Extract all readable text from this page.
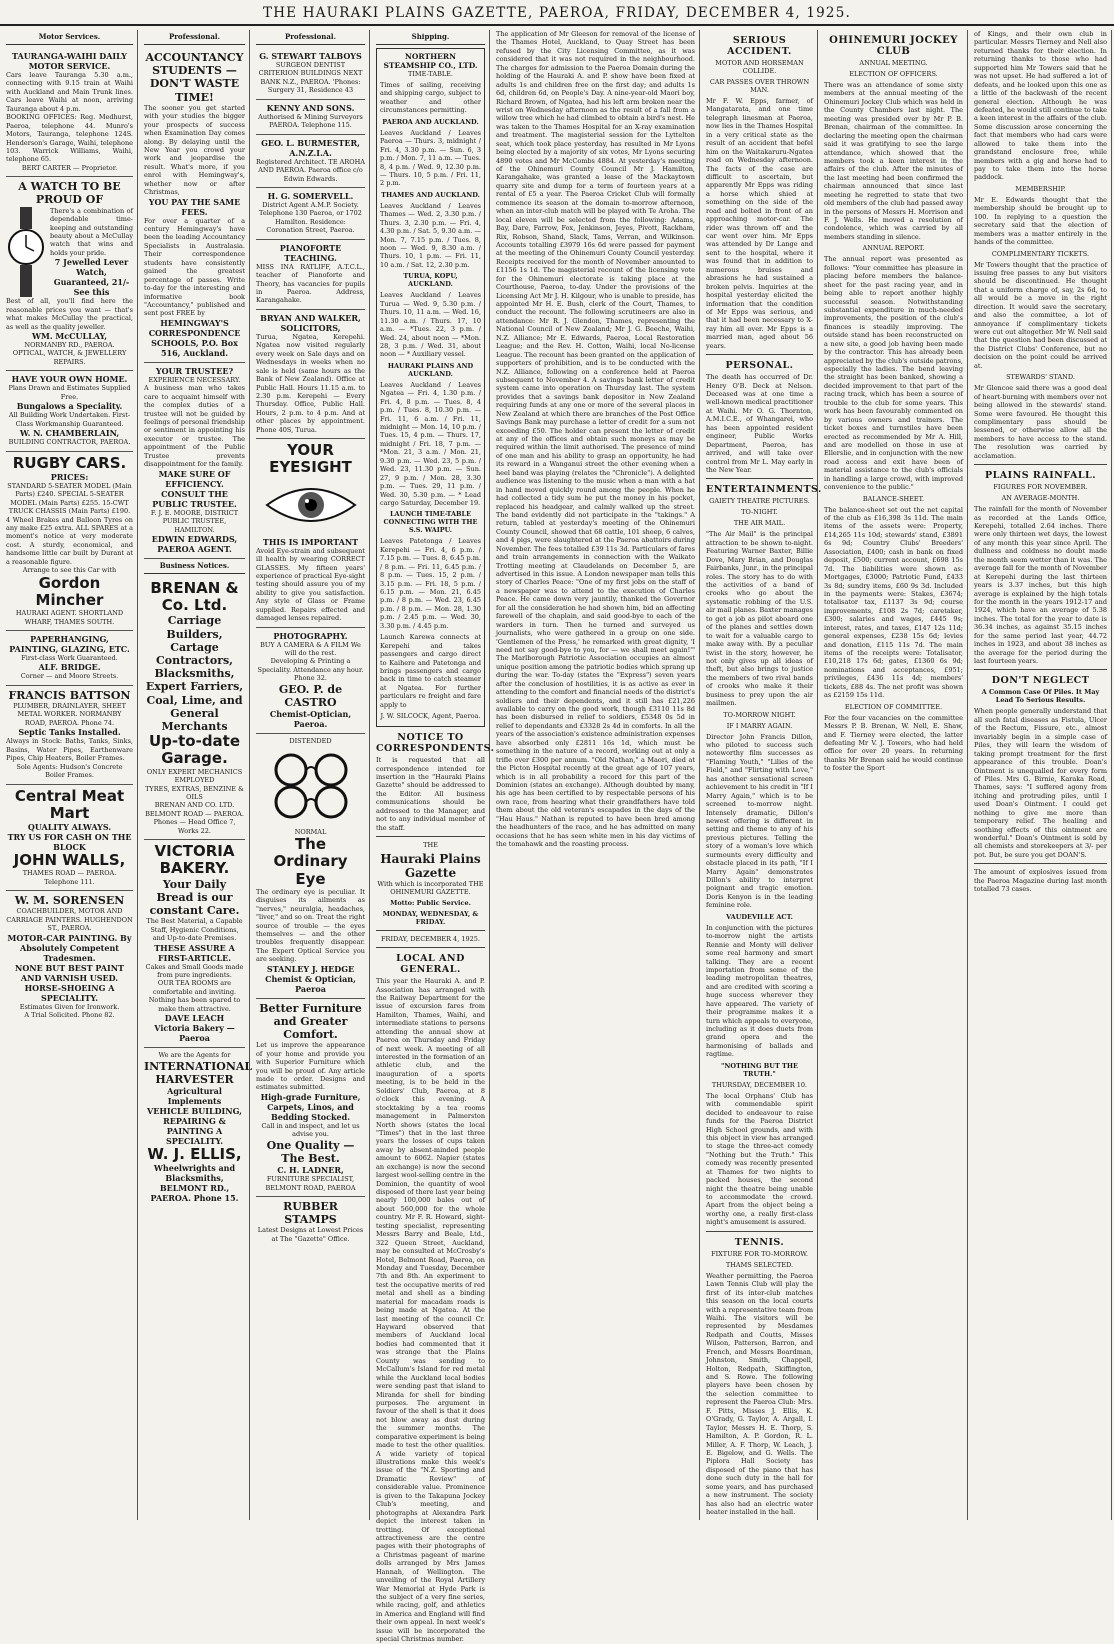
THE HAURAKI PLAINS GAZETTE, PAEROA, FRIDAY, DECEMBER 4, 1925.
Motor Services.
TAURANGA-WAIHI DAILY MOTOR SERVICE.
Cars leave Tauranga 5.30 a.m., connecting with 9.15 train at Waihi with Auckland and Main Trunk lines. Cars leave Waihi at noon, arriving Tauranga about 4 p.m.
BOOKING OFFICES: Reg. Medhurst, Paeroa, telephone 44. Munro's Motors, Tauranga, telephone 124S. Henderson's Garage, Waihi, telephone 103. Warrick Williams, Waihi, telephone 65.
BERT CARTER — Proprietor.
A WATCH TO BE PROUD OF
There's a combination of dependable time-keeping and outstanding beauty about a McCullay watch that wins and holds your pride.
7 Jewelled Lever Watch, Guaranteed, 21/- See this
Best of all, you'll find here the reasonable prices you want — that's what makes McCullay the practical, as well as the quality jeweller.
WM. McCULLAY,
NORMANBY RD., PAEROA.
OPTICAL, WATCH, & JEWELLERY REPAIRS.
HAVE YOUR OWN HOME.
Plans Drawn and Estimates Supplied Free.
Bungalows a Speciality.
All Building Work Undertaken. First-Class Workmanship Guaranteed.
W. N. CHAMBERLAIN,
BUILDING CONTRACTOR, PAEROA.
RUGBY CARS.
PRICES:
STANDARD 5-SEATER MODEL (Main Parts) £240. SPECIAL 5-SEATER MODEL (Main Parts) £255. 15-CWT TRUCK CHASSIS (Main Parts) £190.
4 Wheel Brakes and Balloon Tyres on any make £25 extra. ALL SPARES at a moment's notice at very moderate cost. A sturdy, economical, and handsome little car built by Durant at a reasonable figure.
Arrange to see this Car with
Gordon Mincher
HAURAKI AGENT. SHORTLAND WHARF, THAMES SOUTH.
PAPERHANGING, PAINTING, GLAZING, ETC.
First-class Work Guaranteed.
ALF. BRIDGE.
Corner — and Moore Streets.
FRANCIS BATTSON
PLUMBER, DRAINLAYER, SHEET METAL WORKER. NORMANBY ROAD, PAEROA. Phone 74.
Septic Tanks Installed.
Always in Stock: Baths, Tanks, Sinks, Basins, Water Pipes, Earthenware Pipes, Chip Heaters, Boiler Frames.
Sole Agents: Hudson's Concrete Boiler Frames.
Central Meat Mart
QUALITY ALWAYS.
TRY US FOR CASH ON THE BLOCK
JOHN WALLS,
THAMES ROAD — PAEROA. Telephone 111.
W. M. SORENSEN
COACHBUILDER, MOTOR AND CARRIAGE PAINTERS. HUGHENDON ST., PAEROA.
MOTOR-CAR PAINTING. By Absolutely Competent Tradesmen.
NONE BUT BEST PAINT AND VARNISH USED.
HORSE-SHOEING A SPECIALITY.
Estimates Given for Ironwork.
A Trial Solicited. Phone 82.
Professional.
ACCOUNTANCY STUDENTS — DON'T WASTE TIME!
The sooner you get started with your studies the bigger your prospects of success when Examination Day comes along. By delaying until the New Year you crowd your work and jeopardise the result. What's more, if you enrol with Hemingway's, whether now or after Christmas,
YOU PAY THE SAME FEES.
For over a quarter of a century Hemingway's have been the leading Accountancy Specialists in Australasia. Their correspondence students have consistently gained the greatest percentage of passes. Write to-day for the interesting and informative book "Accountancy," published and sent post FREE by
HEMINGWAY'S CORRESPONDENCE SCHOOLS, P.O. Box 516, Auckland.
YOUR TRUSTEE?
EXPERIENCE NECESSARY.
A business man who takes care to acquaint himself with the complex duties of a trustee will not be guided by feelings of personal friendship or sentiment in appointing his executor or trustee. The appointment of the Public Trustee prevents disappointment for the family.
MAKE SURE OF EFFICIENCY.
CONSULT THE PUBLIC TRUSTEE.
F. J. E. MOORE, DISTRICT PUBLIC TRUSTEE, HAMILTON.
EDWIN EDWARDS, PAEROA AGENT.
Business Notices.
BRENAN & Co. Ltd.
Carriage Builders, Cartage Contractors, Blacksmiths, Expert Farriers, Coal, Lime, and General Merchants
Up-to-date Garage.
ONLY EXPERT MECHANICS EMPLOYED
TYRES, EXTRAS, BENZINE & OILS
BRENAN AND CO. LTD. BELMONT ROAD — PAEROA. Phones — Head Office 7, Works 22.
VICTORIA BAKERY.
Your Daily Bread is our constant Care.
The Best Material, a Capable Staff, Hygienic Conditions, and Up-to-date Premises.
THESE ASSURE A FIRST-ARTICLE.
Cakes and Small Goods made from pure ingredients.
OUR TEA ROOMS are comfortable and inviting. Nothing has been spared to make them attractive.
DAVE LEACH
Victoria Bakery — Paeroa
We are the Agents for
INTERNATIONAL HARVESTER
Agricultural Implements
VEHICLE BUILDING, REPAIRING & PAINTING A SPECIALITY.
W. J. ELLIS,
Wheelwrights and Blacksmiths, BELMONT RD., PAEROA. Phone 15.
Professional.
G. STEWART TALBOYS
SURGEON DENTIST
CRITERION BUILDINGS NEXT BANK N.Z., PAEROA. 'Phones: Surgery 31, Residence 43
KENNY AND SONS.
Authorised & Mining Surveyors PAEROA. Telephone 115.
GEO. L. BURMESTER, A.N.Z.I.A.
Registered Architect. TE AROHA AND PAEROA. Paeroa office c/o Edwin Edwards.
H. G. SOMERVELL.
District Agent A.M.P. Society. Telephone 130 Paeroa, or 1702 Hamilton. Residence: Coronation Street, Paeroa.
PIANOFORTE TEACHING.
MISS INA RATLIFF, A.T.C.L., teacher of Pianoforte and Theory, has vacancies for pupils in Paeroa. Address, Karangahake.
BRYAN AND WALKER, SOLICITORS,
Turua, Ngatea, Kerepehi. Ngatea now visited regularly every week on Sale days and on Wednesdays in weeks when no sale is held (same hours as the Bank of New Zealand). Office at Public Hall. Hours 11.15 a.m. to 2.30 p.m. Kerepehi — Every Thursday. Office, Public Hall. Hours, 2 p.m. to 4 p.m. And at other places by appointment. Phone 40S, Turua.
YOUR EYESIGHT
THIS IS IMPORTANT
Avoid Eye-strain and subsequent ill health by wearing CORRECT GLASSES. My fifteen years' experience of practical Eye-sight testing should assure you of my ability to give you satisfaction. Any style of Glass or Frame supplied. Repairs effected and damaged lenses repaired.
PHOTOGRAPHY.
BUY A CAMERA & A FILM We will do the rest.
Developing & Printing a Speciality. Attendance any hour. Phone 32.
GEO. P. de CASTRO
Chemist-Optician, Paeroa.
DISTENDED
NORMAL
The Ordinary Eye
The ordinary eye is peculiar. It disguises its ailments as "nerves," neuralgia, headaches, "liver," and so on. Treat the right source of trouble — the eyes themselves — and the other troubles frequently disappear. The Expert Optical Service you are seeking.
STANLEY J. HEDGE
Chemist & Optician, Paeroa
Better Furniture and Greater Comfort.
Let us improve the appearance of your home and provide you with Superior Furniture which you will be proud of. Any article made to order. Designs and estimates submitted.
High-grade Furniture, Carpets, Linos, and Bedding Stocked.
Call in and inspect, and let us advise you.
One Quality — The Best.
C. H. LADNER,
FURNITURE SPECIALIST, BELMONT ROAD, PAEROA
RUBBER STAMPS
Latest Designs at Lowest Prices at The "Gazette" Office.
Shipping.
NORTHERN STEAMSHIP CO., LTD.
TIME-TABLE.
Times of sailing, receiving and shipping cargo, subject to weather and other circumstances permitting.
PAEROA AND AUCKLAND.
Leaves Auckland / Leaves Paeroa — Thurs. 3, midnight / Fri. 4, 3.30 p.m. — Sun. 6, 3 p.m. / Mon. 7, 11 a.m. — Tues. 8, 4 p.m. / Wed. 9, 12.30 p.m. — Thurs. 10, 5 p.m. / Fri. 11, 2 p.m.
THAMES AND AUCKLAND.
Leaves Auckland / Leaves Thames — Wed. 2, 3.30 p.m. / Thurs. 3, 2.30 p.m. — Fri. 4, 4.30 p.m. / Sat. 5, 9.30 a.m. — Mon. 7, 7.15 p.m. / Tues. 8, noon — Wed. 9, 8.30 a.m. / Thurs. 10, 1 p.m. — Fri. 11, 10 a.m. / Sat. 12, 2.30 p.m.
TURUA, KOPU, AUCKLAND.
Leaves Auckland / Leaves Turua — Wed. 9, 5.30 p.m. / Thurs. 10, 11 a.m. — Wed. 16, 11.30 a.m. / Thurs. 17, 10 a.m. — *Tues. 22, 3 p.m. / Wed. 24, about noon — *Mon. 28, 3 p.m. / Wed. 31, about noon — * Auxiliary vessel.
HAURAKI PLAINS AND AUCKLAND.
Leaves Auckland / Leaves Ngatea — Fri. 4, 1.30 p.m. / Fri. 4, 8 p.m. — Tues. 8, 4 p.m. / Tues. 8, 10.30 p.m. — Fri. 11, 6 a.m. / Fri. 11, midnight — Mon. 14, 10 p.m. / Tues. 15, 4 p.m. — Thurs. 17, midnight / Fri. 18, 7 p.m. — *Mon. 21, 3 a.m. / Mon. 21, 9.30 p.m. — Wed. 23, 5 p.m. / Wed. 23, 11.30 p.m. — Sun. 27, 9 p.m. / Mon. 28, 3.30 p.m. — Tues. 29, 11 p.m. / Wed. 30, 5.30 p.m. — * Lead cargo Saturday, December 19.
LAUNCH TIME-TABLE CONNECTING WITH THE S.S. WAIPU.
Leaves Patetonga / Leaves Kerepehi — Fri. 4, 6 p.m. / 7.15 p.m. — Tues. 8, 6.45 p.m. / 8 p.m. — Fri. 11, 6.45 p.m. / 8 p.m. — Tues. 15, 2 p.m. / 3.15 p.m. — Fri. 18, 5 p.m. / 6.15 p.m. — Mon. 21, 6.45 p.m. / 8 p.m. — Wed. 23, 6.45 p.m. / 8 p.m. — Mon. 28, 1.30 p.m. / 2.45 p.m. — Wed. 30, 3.30 p.m. / 4.45 p.m.
Launch Karewa connects at Kerepehi and takes passengers and cargo direct to Kaihere and Patetonga and brings passengers and cargo back in time to catch steamer at Ngatea. For further particulars re freight and fare apply to
J. W. SILCOCK, Agent, Paeroa.
NOTICE TO CORRESPONDENTS.
It is requested that all correspondence intended for insertion in the "Hauraki Plains Gazette" should be addressed to the Editor. All business communications should be addressed to the Manager, and not to any individual member of the staff.
THE
Hauraki Plains Gazette
With which is incorporated THE OHINEMURI GAZETTE.
Motto: Public Service.
MONDAY, WEDNESDAY, & FRIDAY.
FRIDAY, DECEMBER 4, 1925.
LOCAL AND GENERAL.
This year the Hauraki A. and P. Association has arranged with the Railway Department for the issue of excursion fares from Hamilton, Thames, Waihi, and intermediate stations to persons attending the annual show at Paeroa on Thursday and Friday of next week. A meeting of all interested in the formation of an athletic club, and the inauguration of a sports meeting, is to be held in the Soldiers' Club, Paeroa, at 8 o'clock this evening. A stocktaking by a tea rooms management in Palmerston North shows (states the local "Times") that in the last three years the losses of cups taken away by absent-minded people amount to 6062. Napier (states an exchange) is now the second largest wool-selling centre in the Dominion, the quantity of wool disposed of there last year being nearly 100,000 bales out of about 560,000 for the whole country. Mr F. R. Howard, sight-testing specialist, representing Messrs Barry and Beale, Ltd., 322 Queen Street, Auckland, may be consulted at McCrosby's Hotel, Belmont Road, Paeroa, on Monday and Tuesday, December 7th and 8th. An experiment to test the occupative merits of red metal and shell as a binding material for macadam roads is being made at Ngatea. At the last meeting of the council Cr. Hayward observed that members of Auckland local bodies had commented that it was strange that the Plains County was sending to McCallum's Island for red metal while the Auckland local bodies were sending past that island to Miranda for shell for binding purposes. The argument in favour of the shell is that it does not blow away as dust during the summer months. The comparative experiment is being made to test the other qualities. A wide variety of topical illustrations make this week's issue of the "N.Z. Sporting and Dramatic Review" of considerable value. Prominence is given to the Takapuna Jockey Club's meeting, and photographs at Alexandra Park depict the interest taken in trotting. Of exceptional attractiveness are the centre pages with their photographs of a Christmas pageant of marine dolls arranged by Mrs James Hannah, of Wellington. The unveiling of the Royal Artillery War Memorial at Hyde Park is the subject of a very fine series, while racing, golf, and athletics in America and England will find their own appeal. In next week's issue will be incorporated the special Christmas number.
The application of Mr Gleeson for removal of the license of the Thames Hotel, Auckland, to Quay Street has been refused by the City Licensing Committee, as it was considered that it was not required in the neighbourhood. The charges for admission to the Paeroa Domain during the holding of the Hauraki A. and P. show have been fixed at adults 1s and children free on the first day; and adults 1s 6d, children 6d, on People's Day. A nine-year-old Maori boy, Richard Brown, of Ngatea, had his left arm broken near the wrist on Wednesday afternoon as the result of a fall from a willow tree which he had climbed to obtain a bird's nest. He was taken to the Thames Hospital for an X-ray examination and treatment. The magisterial session for the Lyttelton seat, which took place yesterday, has resulted in Mr Lyons being elected by a majority of six votes, Mr Lyons securing 4890 votes and Mr McCombs 4884. At yesterday's meeting of the Ohinemuri County Council Mr J. Hamilton, Karangahake, was granted a lease of the Mackaytown quarry site and dump for a term of fourteen years at a rental of £5 a year. The Paeroa Cricket Club will formally commence its season at the domain to-morrow afternoon, when an inter-club match will be played with Te Aroha. The local eleven will be selected from the following: Adams, Bay, Dare, Farrow, Fox, Jenkinson, Jeyes, Pivott, Rackham, Rix, Robson, Shand, Slack, Tams, Verran, and Wilkinson. Accounts totalling £3979 16s 6d were passed for payment at the meeting of the Ohinemuri County Council yesterday. Receipts received for the month of November amounted to £1156 1s 1d. The magisterial recount of the licensing vote for the Ohinemuri electorate is taking place at the Courthouse, Paeroa, to-day. Under the provisions of the Licensing Act Mr J. H. Kilgour, who is unable to preside, has appointed Mr H. E. Bush, clerk of the Court, Thames, to conduct the recount. The following scrutineers are also in attendance: Mr R. J. Glendon, Thames, representing the National Council of New Zealand; Mr J. G. Beeche, Waihi, N.Z. Alliance; Mr E. Edwards, Paeroa, Local Restoration League; and the Rev. H. Cotton, Waihi, local No-license League. The recount has been granted on the application of supporters of prohibition, and is to be conducted with the N.Z. Alliance, following on a conference held at Paeroa subsequent to November 4. A savings bank letter of credit system came into operation on Thursday last. The system provides that a savings bank depositor in New Zealand requiring funds at any one or more of the several places in New Zealand at which there are branches of the Post Office Savings Bank may purchase a letter of credit for a sum not exceeding £50. The holder can present the letter of credit at any of the offices and obtain such moneys as may be required within the limit authorised. The presence of mind of one man and his ability to grasp an opportunity, he had its reward in a Wanganui street the other evening when a heel band was playing (relates the "Chronicle"). A delighted audience was listening to the music when a man with a hat in hand moved quickly round among the people. When he had collected a tidy sum he put the money in his pocket, replaced his headgear, and calmly walked up the street. The band evidently did not participate in the "takings." A return, tabled at yesterday's meeting of the Ohinemuri County Council, showed that 68 cattle, 101 sheep, 6 calves, and 4 pigs, were slaughtered at the Paeroa abattoirs during November. The fees totalled £39 11s 3d. Particulars of fares and train arrangements in connection with the Waikato Trotting meeting at Claudelands on December 5, are advertised in this issue. A London newspaper man tells this story of Charles Peace: "One of my first jobs on the staff of a newspaper was to attend to the execution of Charles Peace. He came down very jauntily, thanked the Governor for all the consideration he had shown him, bid an affecting farewell of the chaplain, and said good-bye to each of the warders in turn. Then he turned and surveyed us journalists, who were gathered in a group on one side. 'Gentlemen of the Press,' he remarked with great dignity, 'I need not say good-bye to you, for — we shall meet again!'" The Marlborough Patriotic Association occupies an almost unique position among the patriotic bodies which sprang up during the war. To-day (states the "Express") seven years after the conclusion of hostilities, it is as active as ever in attending to the comfort and financial needs of the district's soldiers and their dependents, and it still has £21,226 available to carry on the good work, though £3110 11s 8d has been disbursed in relief to soldiers, £5348 0s 5d in relief to dependants and £3328 2s 4d in comforts. In all the years of the association's existence administration expenses have absorbed only £2811 16s 1d, which must be something in the nature of a record, working out at only a trifle over £300 per annum. "Old Nathan," a Maori, died at the Picton Hospital recently at the great age of 107 years, which is in all probability a record for this part of the Dominion (states an exchange). Although doubted by many, his age has been certified to by respectable persons of his own race, from hearing what their grandfathers have told them about the old veteran's escapades in the days of the "Hau Haus." Nathan is reputed to have been bred among the headhunters of the race, and he has admitted on many occasions that he has seen white men in his day victims of the tomahawk and the roasting process.
SERIOUS ACCIDENT.
MOTOR AND HORSEMAN COLLIDE.
CAR PASSES OVER THROWN MAN.
Mr F. W. Epps, farmer, of Mangatarata, and one time telegraph linesman at Paeroa, now lies in the Thames Hospital in a very critical state as the result of an accident that befel him on the Waitakaruru-Ngatea road on Wednesday afternoon. The facts of the case are difficult to ascertain, but apparently Mr Epps was riding a horse which shied at something on the side of the road and bolted in front of an approaching motor-car. The rider was thrown off and the car went over him. Mr Epps was attended by Dr Lange and sent to the hospital, where it was found that in addition to numerous bruises and abrasions he had sustained a broken pelvis. Inquiries at the hospital yesterday elicited the information that the condition of Mr Epps was serious, and that it had been necessary to X-ray him all over. Mr Epps is a married man, aged about 56 years.
PERSONAL.
The death has occurred of Dr. Henry O'B. Deck at Nelson. Deceased was at one time a well-known medical practitioner at Waihi. Mr O. G. Thornton, A.M.I.C.E., of Whangarei, who has been appointed resident engineer, Public Works Department, Paeroa, has arrived, and will take over control from Mr L. May early in the New Year.
ENTERTAINMENTS.
GAIETY THEATRE PICTURES.
TO-NIGHT.
THE AIR MAIL.
"The Air Mail" is the principal attraction to be shown to-night. Featuring Warner Baxter, Billie Dove, Mary Brian, and Douglas Fairbanks, Junr., in the principal roles. The story has to do with the activities of a band of crooks who go about the systematic robbing of the U.S. air mail planes. Baxter manages to get a job as pilot aboard one of the planes and settles down to wait for a valuable cargo to make away with. By a peculiar twist in the story, however, he not only gives up all ideas of theft, but also brings to justice the members of two rival bands of crooks who make it their business to prey upon the air mailmen.
TO-MORROW NIGHT.
IF I MARRY AGAIN.
Director John Francis Dillon, who piloted to success such noteworthy film successes as "Flaming Youth," "Lilies of the Field," and "Flirting with Love," has another sensational screen achievement to his credit in "If I Marry Again," which is to be screened to-morrow night. Intensely dramatic, Dillon's newest offering is different in setting and theme to any of his previous pictures. Telling the story of a woman's love which surmounts every difficulty and obstacle placed in its path, "If I Marry Again" demonstrates Dillon's ability to interpret poignant and tragic emotion. Doris Kenyon is in the leading feminine role.
VAUDEVILLE ACT.
In conjunction with the pictures to-morrow night the artists Rennie and Monty will deliver some real harmony and smart talking. They are a recent importation from some of the leading metropolitan theatres, and are credited with scoring a huge success wherever they have appeared. The variety of their programme makes it a turn which appeals to everyone, including as it does duets from grand opera and the harmonising of ballads and ragtime.
"NOTHING BUT THE TRUTH."
THURSDAY, DECEMBER 10.
The local Orphans' Club has with commendable spirit decided to endeavour to raise funds for the Paeroa District High School grounds, and with this object in view has arranged to stage the three-act comedy "Nothing but the Truth." This comedy was recently presented at Thames for two nights to packed houses, the second night the theatre being unable to accommodate the crowd. Apart from the object being a worthy one, a really first-class night's amusement is assured.
TENNIS.
FIXTURE FOR TO-MORROW.
THAMS SELECTED.
Weather permitting, the Paeroa Lawn Tennis Club will play the first of its inter-club matches this season on the local courts with a representative team from Waihi. The visitors will be represented by Mesdames Redpath and Coutts, Misses Wilson, Patterson, Barron, and French, and Messrs Boardman, Johnston, Smith, Chappell, Holton, Redpath, Skiffington, and S. Rowe. The following players have been chosen by the selection committee to represent the Paeroa Club: Mrs. F. Pitts, Misses J. Ellis, K. O'Grady, G. Taylor, A. Argall, I. Taylor, Messrs H. E. Thorp, S. Hamilton, A. P. Gordon, R. L. Miller, A. F. Thorp, W. Leach, J. E. Bigelow, and G. Wells. The Piplora Hall Society has disposed of the piano that has done such duty in the hall for some years, and has purchased a new instrument. The society has also had an electric water heater installed in the hall.
OHINEMURI JOCKEY CLUB
ANNUAL MEETING.
ELECTION OF OFFICERS.
There was an attendance of some sixty members at the annual meeting of the Ohinemuri Jockey Club which was held in the County Chambers last night. The meeting was presided over by Mr P. B. Brenan, chairman of the committee. In declaring the meeting open the chairman said it was gratifying to see the large attendance, which showed that the members took a keen interest in the affairs of the club. After the minutes of the last meeting had been confirmed the chairman announced that since last meeting he regretted to state that two old members of the club had passed away in the persons of Messrs H. Morrison and F. J. Wells. He moved a resolution of condolence, which was carried by all members standing in silence.
ANNUAL REPORT.
The annual report was presented as follows: "Your committee has pleasure in placing before members the balance-sheet for the past racing year, and in being able to report another highly successful season. Notwithstanding substantial expenditure in much-needed improvements, the position of the club's finances is steadily improving. The outside stand has been reconstructed on a new site, a good job having been made by the contractor. This has already been appreciated by the club's outside patrons, especially the ladies. The bend leaving the straight has been banked, showing a decided improvement to that part of the racing track, which has been a source of trouble to the club for some years. This work has been favourably commented on by various owners and trainers. The ticket boxes and turnstiles have been erected as recommended by Mr A. Hill, and are modelled on those in use at Ellerslie, and in conjunction with the new road access and exit have been of material assistance to the club's officials in handling a large crowd, with improved convenience to the public."
BALANCE-SHEET.
The balance-sheet set out the net capital of the club as £16,398 3s 11d. The main items of the assets were: Property, £14,265 11s 10d; stewards' stand, £3891 6s 9d; Country Clubs' Breeders' Association, £400; cash in bank on fixed deposit, £500; current account, £698 15s 7d. The liabilities were shown as: Mortgages, £3000; Patriotic Fund, £433 3s 8d; sundry items, £60 9s 3d. Included in the payments were: Stakes, £3674; totalisator tax, £1137 3s 9d; course improvements, £108 2s 7d; caretaker, £300; salaries and wages, £445 9s; interest, rates, and taxes, £147 12s 11d; general expenses, £238 15s 6d; levies and donation, £115 11s 7d. The main items of the receipts were: Totalisator, £10,218 17s 6d; gates, £1360 6s 9d; nominations and acceptances, £951; privileges, £436 11s 4d; members' tickets, £88 4s. The net profit was shown as £2159 15s 11d.
ELECTION OF COMMITTEE.
For the four vacancies on the committee Messrs P. B. Brenan, W. Nell, E. Shaw, and F. Tierney were elected, the latter defeating Mr V. J. Towers, who had held office for over 20 years. In returning thanks Mr Brenan said he would continue to foster the Sport
of Kings, and their own club in particular. Messrs Tierney and Nell also returned thanks for their election. In returning thanks to those who had supported him Mr Towers said that he was not upset. He had suffered a lot of defeats, and he looked upon this one as a little of the backwash of the recent general election. Although he was defeated, he would still continue to take a keen interest in the affairs of the club. Some discussion arose concerning the fact that members who had cars were allowed to take them into the grandstand enclosure free, while members with a gig and horse had to pay to take them into the horse paddock.
MEMBERSHIP.
Mr E. Edwards thought that the membership should be brought up to 100. In replying to a question the secretary said that the election of members was a matter entirely in the hands of the committee.
COMPLIMENTARY TICKETS.
Mr Towers thought that the practice of issuing free passes to any but visitors should be discontinued. He thought that a uniform charge of, say, 2s 6d, to all would be a move in the right direction. It would save the secretary, and also the committee, a lot of annoyance if complimentary tickets were cut out altogether. Mr W. Nell said that the question had been discussed at the District Clubs' Conference, but no decision on the point could be arrived at.
STEWARDS' STAND.
Mr Glencoe said there was a good deal of heart-burning with members over not being allowed in the stewards' stand. Some were favoured. He thought this complimentary pass should be lessened, or otherwise allow all the members to have access to the stand. The resolution was carried by acclamation.
PLAINS RAINFALL.
FIGURES FOR NOVEMBER.
AN AVERAGE-MONTH.
The rainfall for the month of November as recorded at the Lands Office, Kerepehi, totalled 2.64 inches. There were only thirteen wet days, the lowest of any month this year since April. The dullness and coldness no doubt made the month seem wetter than it was. The average fall for the month of November at Kerepehi during the last thirteen years is 3.37 inches, but this high average is explained by the high totals for the month in the years 1912-17 and 1924, which have an average of 5.38 inches. The total for the year to date is 36.34 inches, as against 35.15 inches for the same period last year, 44.72 inches in 1923, and about 38 inches as the average for the period during the last fourteen years.
DON'T NEGLECT
A Common Case Of Piles. It May Lead To Serious Results.
When people generally understand that all such fatal diseases as Fistula, Ulcer of the Rectum, Fissure, etc., almost invariably begin in a simple case of Piles, they will learn the wisdom of taking prompt treatment for the first appearance of this trouble. Doan's Ointment is unequalled for every form of Piles. Mrs G. Birnie, Karaka Road, Thames, says: "I suffered agony from itching and protruding piles, until I used Doan's Ointment. I could get nothing to give me more than temporary relief. The healing and soothing effects of this ointment are wonderful." Doan's Ointment is sold by all chemists and storekeepers at 3/- per pot. But, be sure you get DOAN'S.
The amount of explosives issued from the Paeroa Magazine during last month totalled 73 cases.
